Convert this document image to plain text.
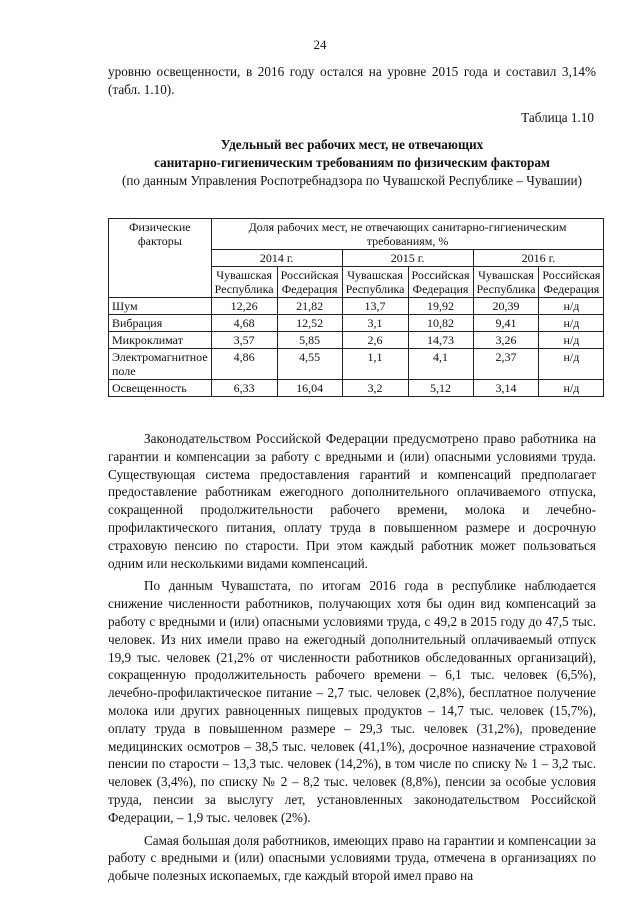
24
уровню освещенности, в 2016 году остался на уровне 2015 года и составил 3,14% (табл. 1.10).
Таблица 1.10
Удельный вес рабочих мест, не отвечающих
санитарно-гигиеническим требованиям по физическим факторам
(по данным Управления Роспотребнадзора по Чувашской Республике – Чувашии)
Физические факторы	Доля рабочих мест, не отвечающих санитарно-гигиеническим требованиям, %					
	2014 г.		2015 г.		2016 г.	
	Чувашская Республика	Российская Федерация	Чувашская Республика	Российская Федерация	Чувашская Республика	Российская Федерация
Шум	12,26	21,82	13,7	19,92	20,39	н/д
Вибрация	4,68	12,52	3,1	10,82	9,41	н/д
Микроклимат	3,57	5,85	2,6	14,73	3,26	н/д
Электромагнитное поле	4,86	4,55	1,1	4,1	2,37	н/д
Освещенность	6,33	16,04	3,2	5,12	3,14	н/д

Законодательством Российской Федерации предусмотрено право работника на гарантии и компенсации за работу с вредными и (или) опасными условиями труда. Существующая система предоставления гарантий и компенсаций предполагает предоставление работникам ежегодного дополнительного оплачиваемого отпуска, сокращенной продолжительности рабочего времени, молока и лечебно-профилактического питания, оплату труда в повышенном размере и досрочную страховую пенсию по старости. При этом каждый работник может пользоваться одним или несколькими видами компенсаций.

По данным Чувашстата, по итогам 2016 года в республике наблюдается снижение численности работников, получающих хотя бы один вид компенсаций за работу с вредными и (или) опасными условиями труда, с 49,2 в 2015 году до 47,5 тыс. человек. Из них имели право на ежегодный дополнительный оплачиваемый отпуск 19,9 тыс. человек (21,2% от численности работников обследованных организаций), сокращенную продолжительность рабочего времени – 6,1 тыс. человек (6,5%), лечебно-профилактическое питание – 2,7 тыс. человек (2,8%), бесплатное получение молока или других равноценных пищевых продуктов – 14,7 тыс. человек (15,7%), оплату труда в повышенном размере – 29,3 тыс. человек (31,2%), проведение медицинских осмотров – 38,5 тыс. человек (41,1%), досрочное назначение страховой пенсии по старости – 13,3 тыс. человек (14,2%), в том числе по списку № 1 – 3,2 тыс. человек (3,4%), по списку № 2 – 8,2 тыс. человек (8,8%), пенсии за особые условия труда, пенсии за выслугу лет, установленных законодательством Российской Федерации, – 1,9 тыс. человек (2%).

Самая большая доля работников, имеющих право на гарантии и компенсации за работу с вредными и (или) опасными условиями труда, отмечена в организациях по добыче полезных ископаемых, где каждый второй имел право на
